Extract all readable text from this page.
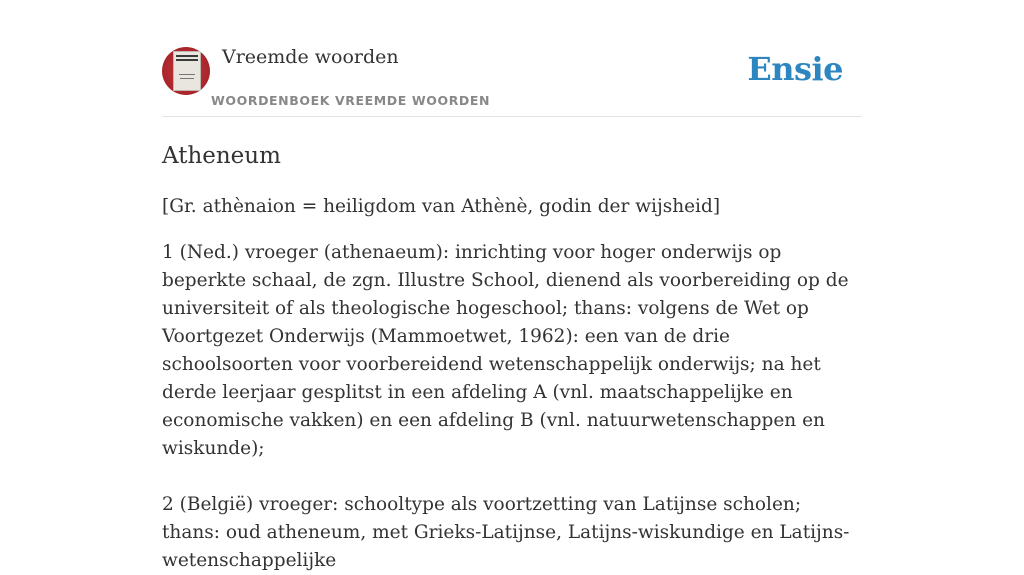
Vreemde woorden
WOORDENBOEK VREEMDE WOORDEN
Ensie
Atheneum

[Gr. athènaion = heiligdom van Athènè, godin der wijsheid]

1 (Ned.) vroeger (athenaeum): inrichting voor hoger onderwijs op beperkte schaal, de zgn. Illustre School, dienend als voorbereiding op de universiteit of als theologische hogeschool; thans: volgens de Wet op Voortgezet Onderwijs (Mammoetwet, 1962): een van de drie schoolsoorten voor voorbereidend wetenschappelijk onderwijs; na het derde leerjaar gesplitst in een afdeling A (vnl. maatschappelijke en economische vakken) en een afdeling B (vnl. natuurwetenschappen en wiskunde);

2 (België) vroeger: schooltype als voortzetting van Latijnse scholen; thans: oud atheneum, met Grieks-Latijnse, Latijns-wiskundige en Latijns-wetenschappelijke
